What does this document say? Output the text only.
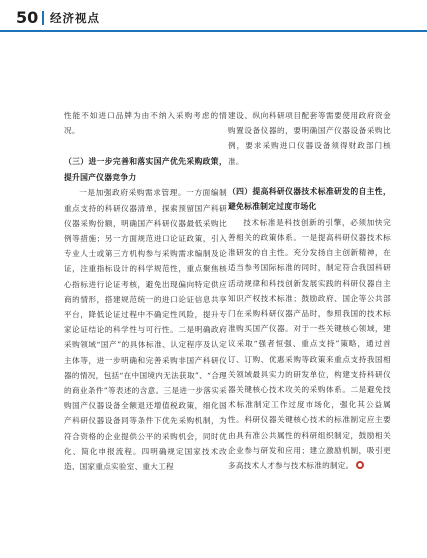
50 经济视点

性能不如进口品牌为由不纳入采购考虑的情况。

（三）进一步完善和落实国产优先采购政策，提升国产仪器竞争力

一是加强政府采购需求管理。一方面编制重点支持的科研仪器清单，探索预留国产科研仪器采购份额，明确国产科研仪器最低采购比例等措施；另一方面规范进口论证政策，引入专业人士或第三方机构参与采购需求编制及论证，注重指标设计的科学规范性，重点聚焦核心指标进行论证考核，避免出现偏向特定供应商的情形，搭建规范统一的进口论证信息共享平台，降低论证过程中不确定性风险，提升专家论证结论的科学性与可行性。二是明确政府采购领域“国产”的具体标准、认定程序及认定主体等，进一步明确和完善采购非国产科研仪器的情况，包括“在中国境内无法获取”、“合理的商业条件”等表述的含意。三是进一步落实采购国产仪器设备全额退还增值税政策，细化国产科研仪器设备同等条件下优先采购机制，为符合资格的企业提供公平的采购机会，同时优化、简化申报流程。四明确规定国家技术改造、国家重点实验室、重大工程

建设、纵向科研项目配套等需要使用政府资金购置设备仪器的，要明确国产仪器设备采购比例，要求采购进口仪器设备须得财政部门核准。

（四）提高科研仪器技术标准研发的自主性，避免标准制定过度市场化

技术标准是科技创新的引擎，必须加快完善相关的政策体系。一是提高科研仪器技术标准研发的自主性。充分发扬自主创新精神，在适当参考国际标准的同时，制定符合我国科研活动规律和科技创新发展实践的科研仪器自主知识产权技术标准；鼓励政府、国企等公共部门在采购科研仪器产品时，参照我国的技术标准购买国产仪器。对于一些关键核心领域，建议采取“强者恒强、重点支持”策略，通过首订、订购、优惠采购等政策来重点支持我国相关领域最具实力的研发单位，构建支持科研仪器关键核心技术攻关的采购体系。二是避免技术标准制定工作过度市场化，强化其公益属性。科研仪器关键核心技术的标准制定应主要由具有准公共属性的科研组织制定，鼓励相关企业参与研发和应用；建立激励机制，吸引更多高技术人才参与技术标准的制定。
